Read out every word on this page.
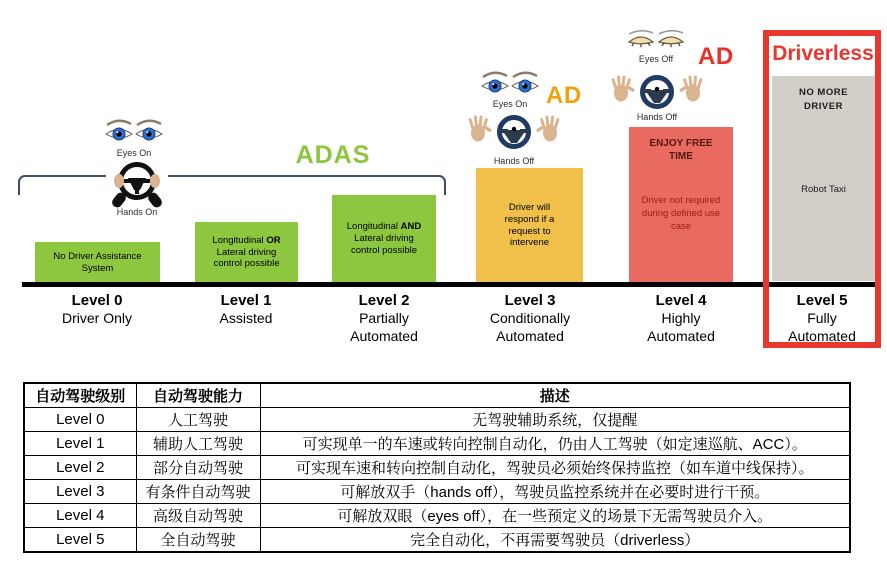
ADAS
Eyes On
Hands On
Eyes On AD
Hands Off
Eyes Off	AD
Hands Off
No Driver Assistance System
Longitudinal OR Lateral driving control possible
Longitudinal AND Lateral driving control possible
Driver will respond if a request to intervene
ENJOY FREE TIME
Driver not required during defined use case
NO MORE DRIVER
Robot Taxi
Level 0
Driver Only
Level 1
Assisted
Level 2
Partially
Automated
Level 3
Conditionally
Automated
Level 4
Highly
Automated
Level 5
Fully
Automated
Driverless
自动驾驶级别	自动驾驶能力	描述
Level 0	人工驾驶	无驾驶辅助系统，仅提醒
Level 1	辅助人工驾驶	可实现单一的车速或转向控制自动化，仍由人工驾驶（如定速巡航、ACC）。
Level 2	部分自动驾驶	可实现车速和转向控制自动化，驾驶员必须始终保持监控（如车道中线保持）。
Level 3	有条件自动驾驶	可解放双手（hands off），驾驶员监控系统并在必要时进行干预。
Level 4	高级自动驾驶	可解放双眼（eyes off），在一些预定义的场景下无需驾驶员介入。
Level 5	全自动驾驶	完全自动化，不再需要驾驶员（driverless）
